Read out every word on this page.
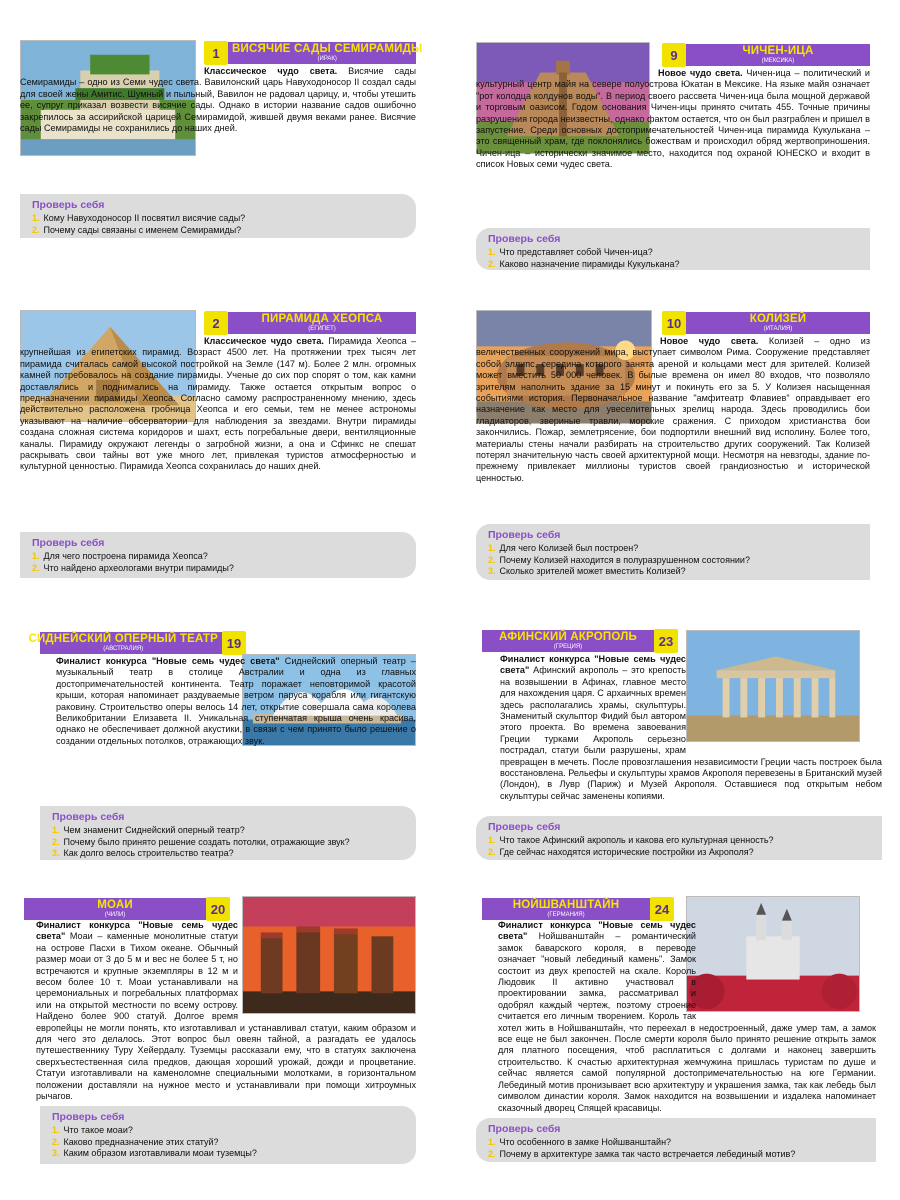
1	ВИСЯЧИЕ САДЫ СЕМИРАМИДЫ
(ИРАК)
Классическое чудо света. Висячие сады Семирамиды – одно из Семи чудес света. Вавилонский царь Навуходоносор II создал сады для своей жены Амитис. Шумный и пыльный, Вавилон не радовал царицу, и, чтобы утешить ее, супруг приказал возвести висячие сады. Однако в истории название садов ошибочно закрепилось за ассирийской царицей Семирамидой, жившей двумя веками ранее. Висячие сады Семирамиды не сохранились до наших дней.
Проверь себя
1. Кому Навуходоносор II посвятил висячие сады?
2. Почему сады связаны с именем Семирамиды?
9	ЧИЧЕН-ИЦА
(МЕКСИКА)
Новое чудо света. Чичен-ица – политический и культурный центр майя на севере полуострова Юкатан в Мексике. На языке майя означает "рот колодца колдунов воды". В период своего рассвета Чичен-ица была мощной державой и торговым оазисом. Годом основания Чичен-ицы принято считать 455. Точные причины разрушения города неизвестны, однако фактом остается, что он был разграблен и пришел в запустение. Среди основных достопримечательностей Чичен-ица пирамида Кукулькана – это священный храм, где поклонялись божествам и происходил обряд жертвоприношения. Чичен-ица – исторически значимое место, находится под охраной ЮНЕСКО и входит в список Новых семи чудес света.
Проверь себя
1. Что представляет собой Чичен-ица?
2. Каково назначение пирамиды Кукулькана?
2	ПИРАМИДА ХЕОПСА
(ЕГИПЕТ)
Классическое чудо света. Пирамида Хеопса – крупнейшая из египетских пирамид. Возраст 4500 лет. На протяжении трех тысяч лет пирамида считалась самой высокой постройкой на Земле (147 м). Более 2 млн. огромных камней потребовалось на создание пирамиды. Ученые до сих пор спорят о том, как камни доставлялись и поднимались на пирамиду. Также остается открытым вопрос о предназначении пирамиды Хеопса. Согласно самому распространенному мнению, здесь действительно расположена гробница Хеопса и его семьи, тем не менее астрономы указывают на наличие обсерватории для наблюдения за звездами. Внутри пирамиды создана сложная система коридоров и шахт, есть погребальные двери, вентиляционные каналы. Пирамиду окружают легенды о загробной жизни, а она и Сфинкс не спешат раскрывать свои тайны вот уже много лет, привлекая туристов атмосферностью и культурной ценностью. Пирамида Хеопса сохранилась до наших дней.
Проверь себя
1. Для чего построена пирамида Хеопса?
2. Что найдено археологами внутри пирамиды?
10	КОЛИЗЕЙ
(ИТАЛИЯ)
Новое чудо света. Колизей – одно из величественных сооружений мира, выступает символом Рима. Сооружение представляет собой эллипс, середина которого занята ареной и кольцами мест для зрителей. Колизей может вместить 50 000 человек. В былые времена он имел 80 входов, что позволяло зрителям наполнить здание за 15 минут и покинуть его за 5. У Колизея насыщенная событиями история. Первоначальное название "амфитеатр Флавиев" оправдывает его назначение как место для увеселительных зрелищ народа. Здесь проводились бои гладиаторов, звериные травли, морские сражения. С приходом христианства бои закончились. Пожар, землетрясение, бои подпортили внешний вид исполину. Более того, материалы стены начали разбирать на строительство других сооружений. Так Колизей потерял значительную часть своей архитектурной мощи. Несмотря на невзгоды, здание по-прежнему привлекает миллионы туристов своей грандиозностью и исторической ценностью.
Проверь себя
1. Для чего Колизей был построен?
2. Почему Колизей находится в полуразрушенном состоянии?
3. Сколько зрителей может вместить Колизей?
19
СИДНЕЙСКИЙ ОПЕРНЫЙ ТЕАТР
(АВСТРАЛИЯ)
Финалист конкурса "Новые семь чудес света" Сиднейский оперный театр – музыкальный театр в столице Австралии и одна из главных достопримечательностей континента. Театр поражает неповторимой красотой крыши, которая напоминает раздуваемые ветром паруса корабля или гигантскую раковину. Строительство оперы велось 14 лет, открытие совершала сама королева Великобритании Елизавета II. Уникальная ступенчатая крыша очень красива, однако не обеспечивает должной акустики, в связи с чем принято было решение о создании отдельных потолков, отражающих звук.
Проверь себя
1. Чем знаменит Сиднейский оперный театр?
2. Почему было принято решение создать потолки, отражающие звук?
3. Как долго велось строительство театра?
23
АФИНСКИЙ АКРОПОЛЬ
(ГРЕЦИЯ)
Финалист конкурса "Новые семь чудес света" Афинский акрополь – это крепость на возвышении в Афинах, главное место для нахождения царя. С архаичных времен здесь располагались храмы, скульптуры. Знаменитый скульптор Фидий был автором этого проекта. Во времена завоевания Греции турками Акрополь серьезно пострадал, статуи были разрушены, храм превращен в мечеть. После провозглашения независимости Греции часть построек была восстановлена. Рельефы и скульптуры храмов Акрополя перевезены в Британский музей (Лондон), в Лувр (Париж) и Музей Акрополя. Оставшиеся под открытым небом скульптуры сейчас заменены копиями.
Проверь себя
1. Что такое Афинский акрополь и какова его культурная ценность?
2. Где сейчас находятся исторические постройки из Акрополя?
20
МОАИ
(ЧИЛИ)
Финалист конкурса "Новые семь чудес света" Моаи – каменные монолитные статуи на острове Пасхи в Тихом океане. Обычный размер моаи от 3 до 5 м и вес не более 5 т, но встречаются и крупные экземпляры в 12 м и весом более 10 т. Моаи устанавливали на церемониальных и погребальных платформах или на открытой местности по всему острову. Найдено более 900 статуй. Долгое время европейцы не могли понять, кто изготавливал и устанавливал статуи, каким образом и для чего это делалось. Этот вопрос был овеян тайной, а разгадать ее удалось путешественнику Туру Хейердалу. Туземцы рассказали ему, что в статуях заключена сверхъестественная сила предков, дающая хороший урожай, дожди и процветание. Статуи изготавливали на каменоломне специальными молотками, в горизонтальном положении доставляли на нужное место и устанавливали при помощи хитроумных рычагов.
Проверь себя
1. Что такое моаи?
2. Каково предназначение этих статуй?
3. Каким образом изготавливали моаи туземцы?
24
НОЙШВАНШТАЙН
(ГЕРМАНИЯ)
Финалист конкурса "Новые семь чудес света" Нойшванштайн – романтический замок баварского короля, в переводе означает "новый лебединый камень". Замок состоит из двух крепостей на скале. Король Людовик II активно участвовал в проектировании замка, рассматривал и одобрял каждый чертеж, поэтому строение считается его личным творением. Король так хотел жить в Нойшванштайн, что переехал в недостроенный, даже умер там, а замок все еще не был закончен. После смерти короля было принято решение открыть замок для платного посещения, чтоб расплатиться с долгами и наконец завершить строительство. К счастью архитектурная жемчужина пришлась туристам по душе и сейчас является самой популярной достопримечательностью на юге Германии. Лебединый мотив пронизывает всю архитектуру и украшения замка, так как лебедь был символом династии короля. Замок находится на возвышении и издалека напоминает сказочный дворец Спящей красавицы.
Проверь себя
1. Что особенного в замке Нойшванштайн?
2. Почему в архитектуре замка так часто встречается лебединый мотив?
